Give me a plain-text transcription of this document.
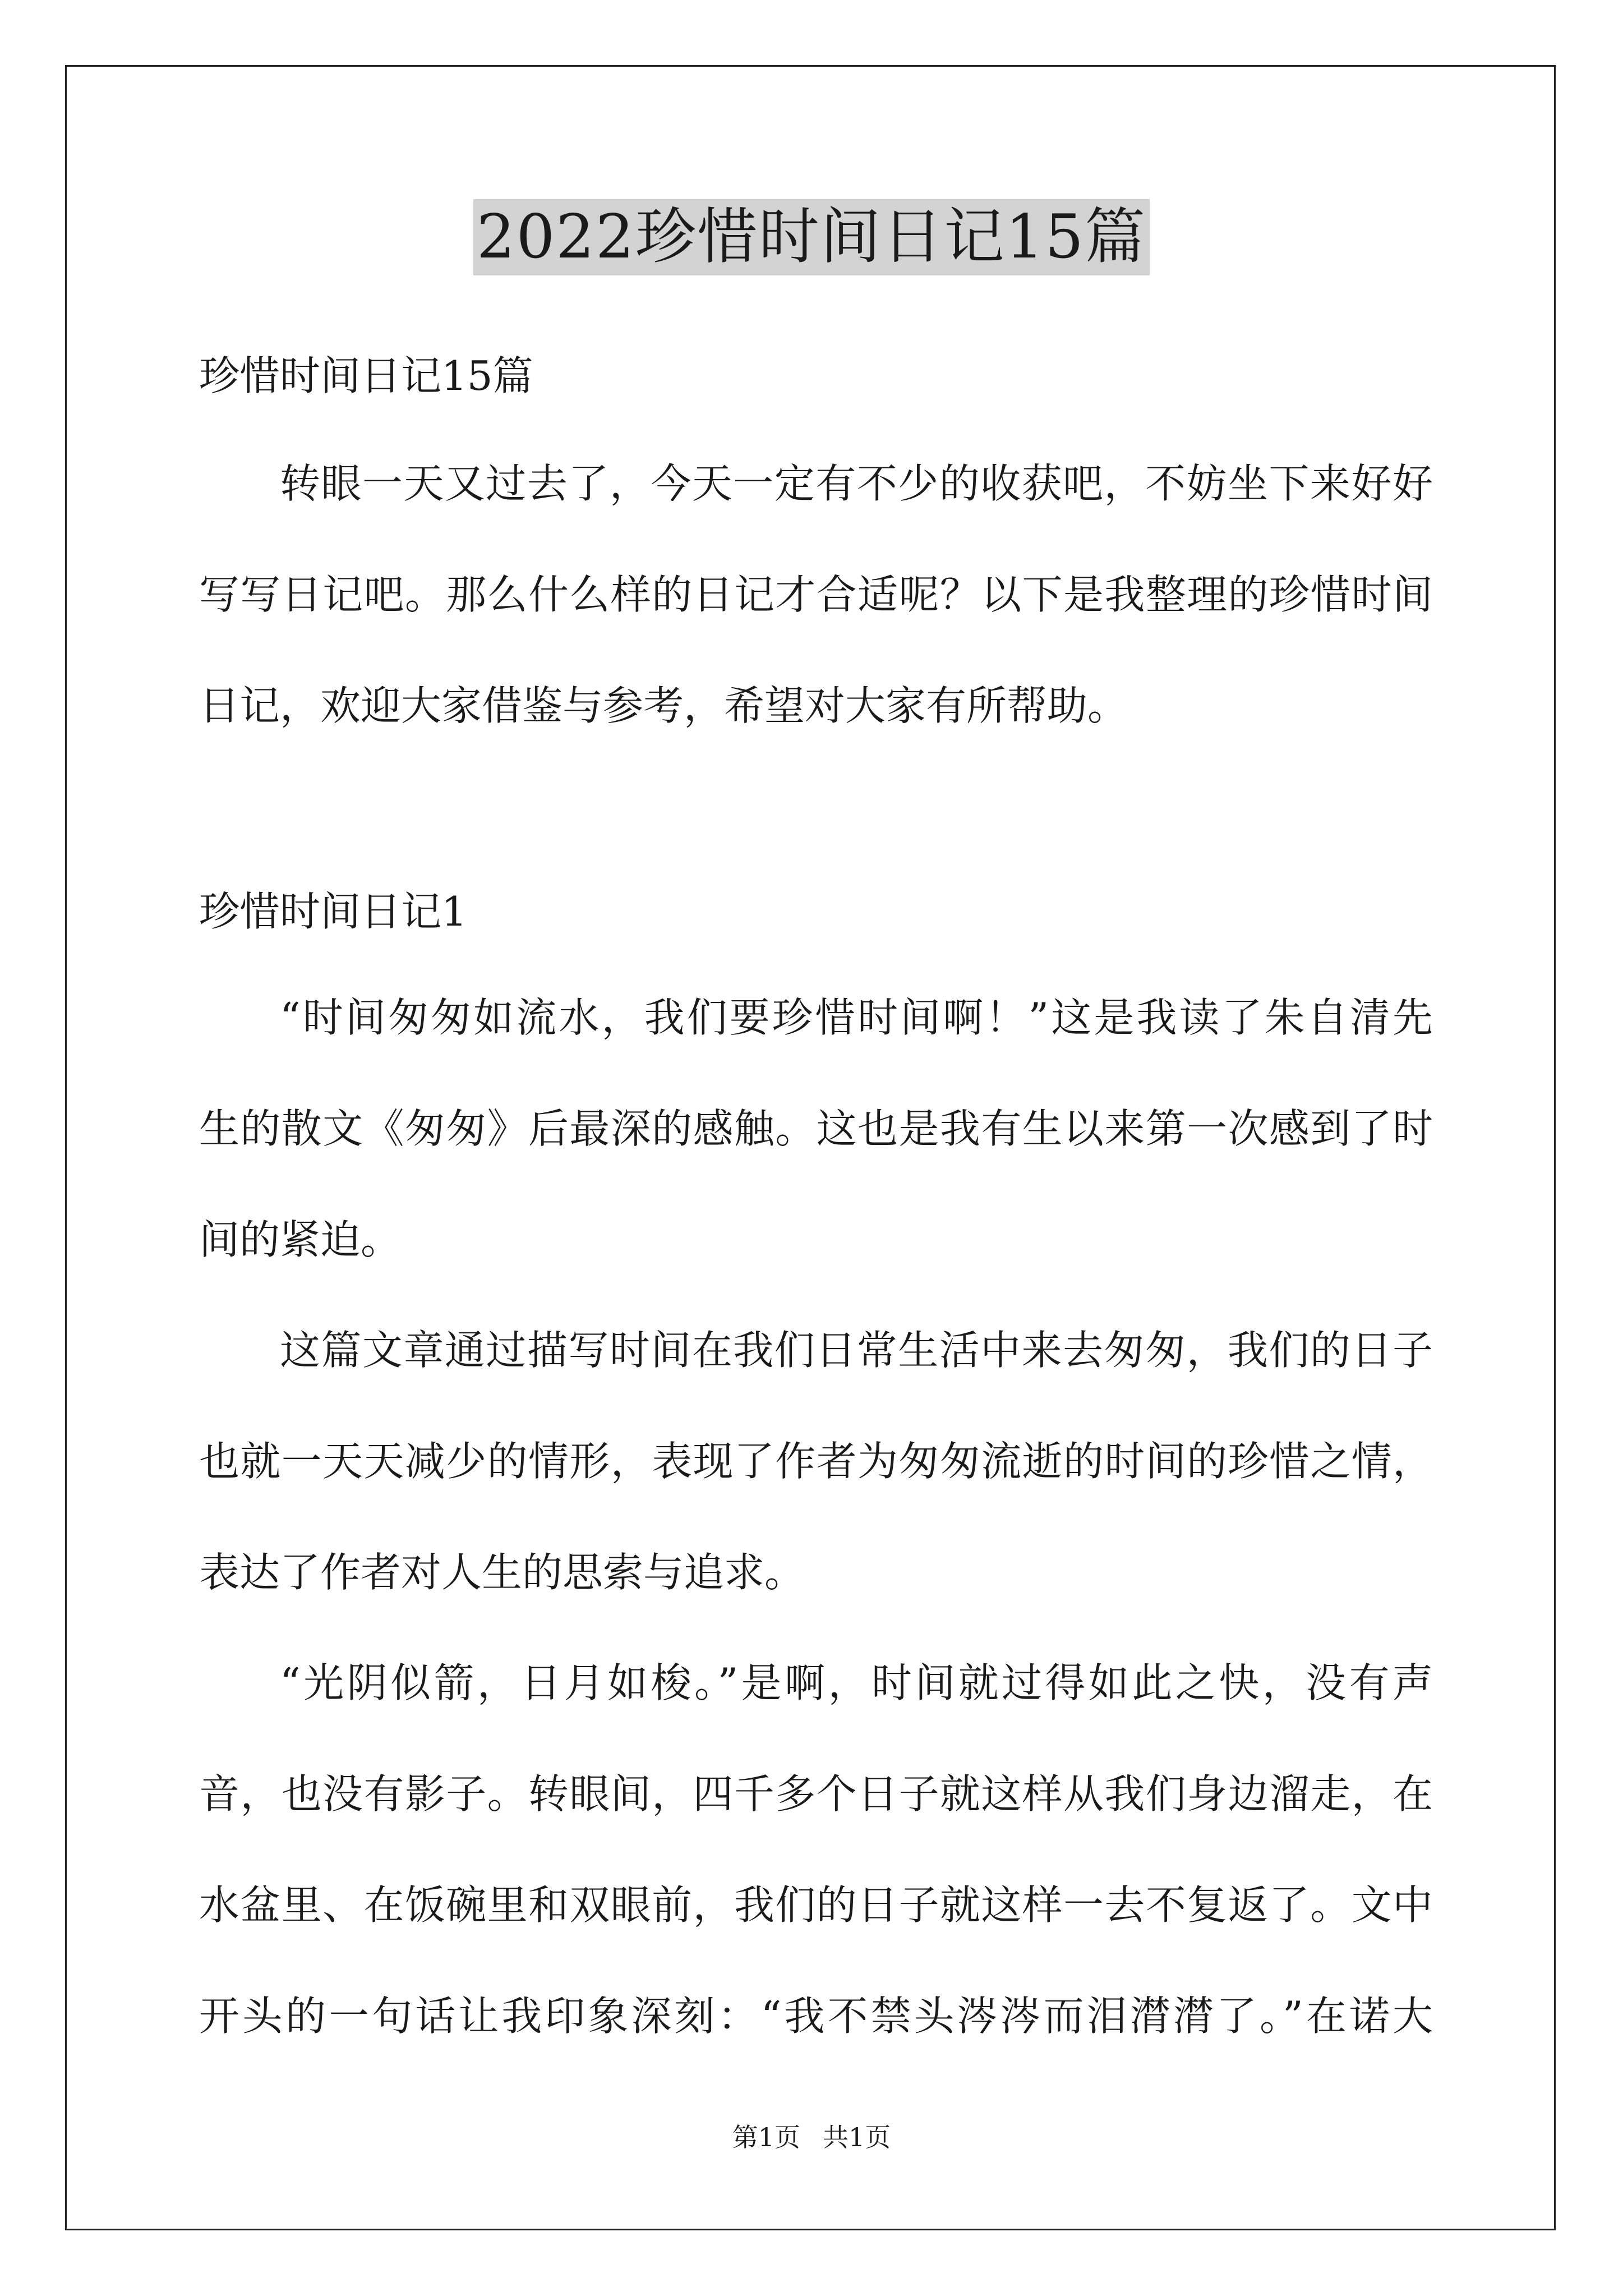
2022珍惜时间日记15篇
珍惜时间日记15篇
转眼一天又过去了，今天一定有不少的收获吧，不妨坐下来好好
写写日记吧。那么什么样的日记才合适呢？以下是我整理的珍惜时间
日记，欢迎大家借鉴与参考，希望对大家有所帮助。
珍惜时间日记1
“时间匆匆如流水，我们要珍惜时间啊！”这是我读了朱自清先
生的散文《匆匆》后最深的感触。这也是我有生以来第一次感到了时
间的紧迫。
这篇文章通过描写时间在我们日常生活中来去匆匆，我们的日子
也就一天天减少的情形，表现了作者为匆匆流逝的时间的珍惜之情，
表达了作者对人生的思索与追求。
“光阴似箭，日月如梭。”是啊，时间就过得如此之快，没有声
音，也没有影子。转眼间，四千多个日子就这样从我们身边溜走，在
水盆里、在饭碗里和双眼前，我们的日子就这样一去不复返了。文中
开头的一句话让我印象深刻：“我不禁头涔涔而泪潸潸了。”在诺大
第1页 共1页
